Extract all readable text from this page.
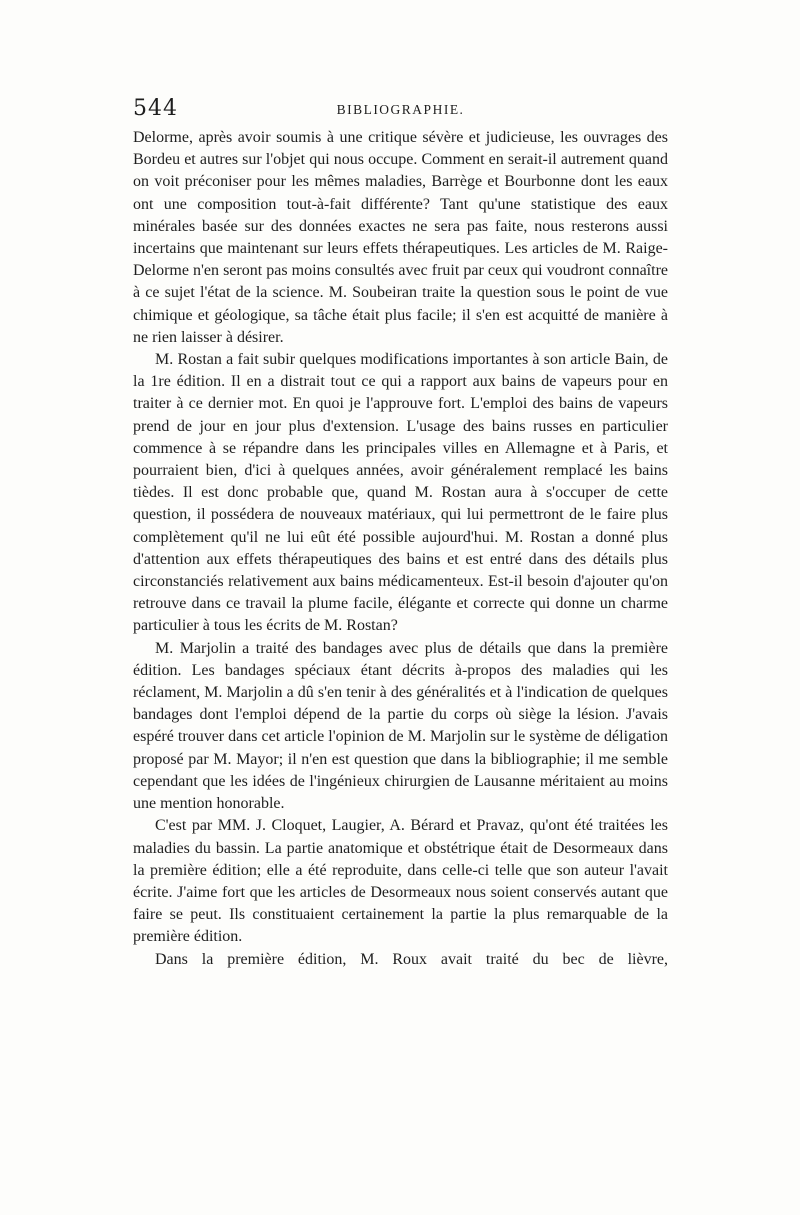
544	BIBLIOGRAPHIE.

Delorme, après avoir soumis à une critique sévère et judicieuse, les ouvrages des Bordeu et autres sur l'objet qui nous occupe. Comment en serait-il autrement quand on voit préconiser pour les mêmes maladies, Barrège et Bourbonne dont les eaux ont une composition tout-à-fait différente? Tant qu'une statistique des eaux minérales basée sur des données exactes ne sera pas faite, nous resterons aussi incertains que maintenant sur leurs effets thérapeutiques. Les articles de M. Raige-Delorme n'en seront pas moins consultés avec fruit par ceux qui voudront connaître à ce sujet l'état de la science. M. Soubeiran traite la question sous le point de vue chimique et géologique, sa tâche était plus facile; il s'en est acquitté de manière à ne rien laisser à désirer.

M. Rostan a fait subir quelques modifications importantes à son article Bain, de la 1re édition. Il en a distrait tout ce qui a rapport aux bains de vapeurs pour en traiter à ce dernier mot. En quoi je l'approuve fort. L'emploi des bains de vapeurs prend de jour en jour plus d'extension. L'usage des bains russes en particulier commence à se répandre dans les principales villes en Allemagne et à Paris, et pourraient bien, d'ici à quelques années, avoir généralement remplacé les bains tièdes. Il est donc probable que, quand M. Rostan aura à s'occuper de cette question, il possédera de nouveaux matériaux, qui lui permettront de le faire plus complètement qu'il ne lui eût été possible aujourd'hui. M. Rostan a donné plus d'attention aux effets thérapeutiques des bains et est entré dans des détails plus circonstanciés relativement aux bains médicamenteux. Est-il besoin d'ajouter qu'on retrouve dans ce travail la plume facile, élégante et correcte qui donne un charme particulier à tous les écrits de M. Rostan?

M. Marjolin a traité des bandages avec plus de détails que dans la première édition. Les bandages spéciaux étant décrits à-propos des maladies qui les réclament, M. Marjolin a dû s'en tenir à des généralités et à l'indication de quelques bandages dont l'emploi dépend de la partie du corps où siège la lésion. J'avais espéré trouver dans cet article l'opinion de M. Marjolin sur le système de déligation proposé par M. Mayor; il n'en est question que dans la bibliographie; il me semble cependant que les idées de l'ingénieux chirurgien de Lausanne méritaient au moins une mention honorable.

C'est par MM. J. Cloquet, Laugier, A. Bérard et Pravaz, qu'ont été traitées les maladies du bassin. La partie anatomique et obstétrique était de Desormeaux dans la première édition; elle a été reproduite, dans celle-ci telle que son auteur l'avait écrite. J'aime fort que les articles de Desormeaux nous soient conservés autant que faire se peut. Ils constituaient certainement la partie la plus remarquable de la première édition.

Dans la première édition, M. Roux avait traité du bec de lièvre,
